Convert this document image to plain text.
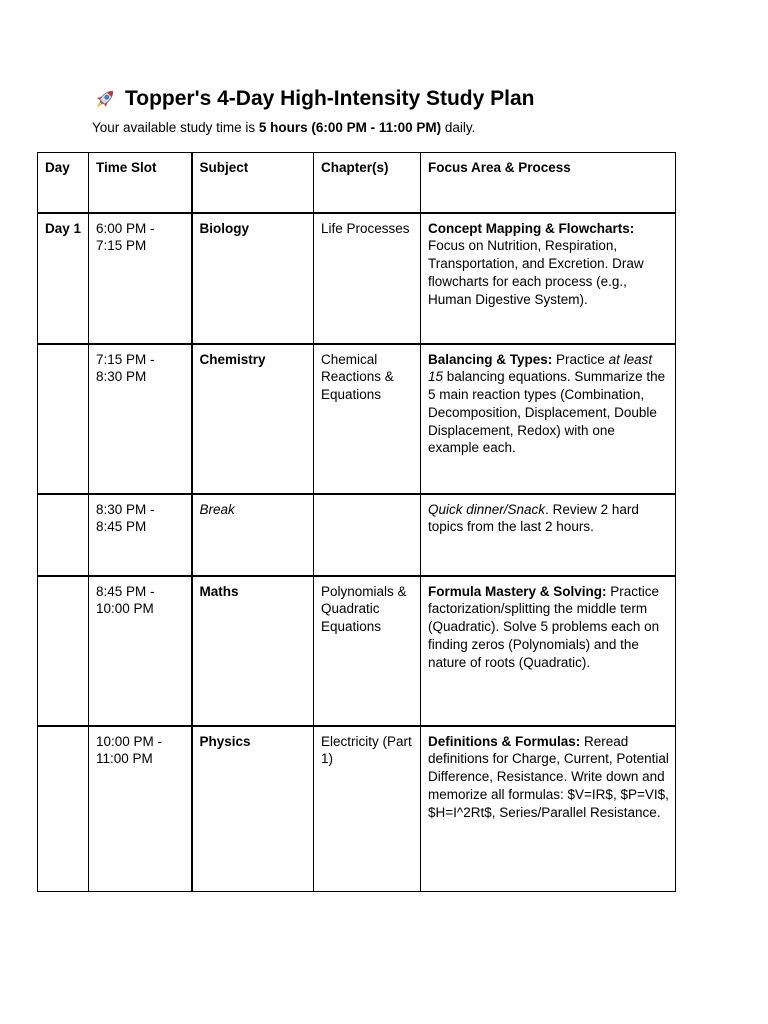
Topper's 4-Day High-Intensity Study Plan
Your available study time is 5 hours (6:00 PM - 11:00 PM) daily.
Day	Time Slot	Subject	Chapter(s)	Focus Area & Process
Day 1	6:00 PM - 7:15 PM	Biology	Life Processes	Concept Mapping & Flowcharts: Focus on Nutrition, Respiration, Transportation, and Excretion. Draw flowcharts for each process (e.g., Human Digestive System).
	7:15 PM - 8:30 PM	Chemistry	Chemical Reactions & Equations	Balancing & Types: Practice at least 15 balancing equations. Summarize the 5 main reaction types (Combination, Decomposition, Displacement, Double Displacement, Redox) with one example each.
	8:30 PM - 8:45 PM	Break		Quick dinner/Snack. Review 2 hard topics from the last 2 hours.
	8:45 PM - 10:00 PM	Maths	Polynomials & Quadratic Equations	Formula Mastery & Solving: Practice factorization/splitting the middle term (Quadratic). Solve 5 problems each on finding zeros (Polynomials) and the nature of roots (Quadratic).
	10:00 PM - 11:00 PM	Physics	Electricity (Part 1)	Definitions & Formulas: Reread definitions for Charge, Current, Potential Difference, Resistance. Write down and memorize all formulas: $V=IR$, $P=VI$, $H=I^2Rt$, Series/Parallel Resistance.
